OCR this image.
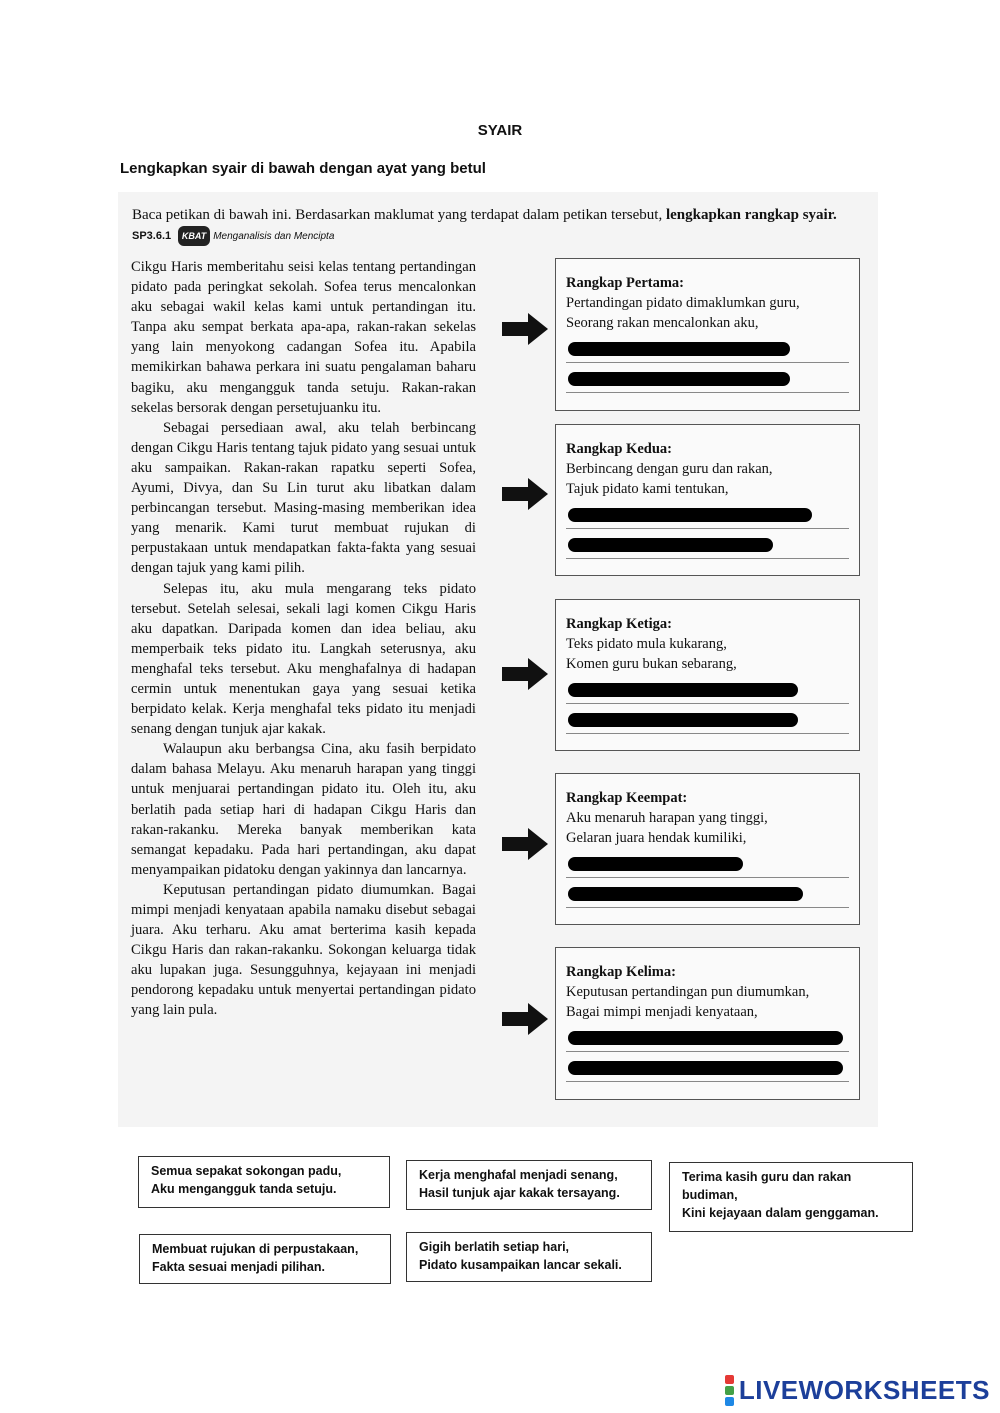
SYAIR
Lengkapkan syair di bawah dengan ayat yang betul
Baca petikan di bawah ini. Berdasarkan maklumat yang terdapat dalam petikan tersebut, lengkapkan rangkap syair. SP3.6.1 KBAT Menganalisis dan Mencipta

Cikgu Haris memberitahu seisi kelas tentang pertandingan pidato pada peringkat sekolah. Sofea terus mencalonkan aku sebagai wakil kelas kami untuk pertandingan itu. Tanpa aku sempat berkata apa-apa, rakan-rakan sekelas yang lain menyokong cadangan Sofea itu. Apabila memikirkan bahawa perkara ini suatu pengalaman baharu bagiku, aku mengangguk tanda setuju. Rakan-rakan sekelas bersorak dengan persetujuanku itu.

Sebagai persediaan awal, aku telah berbincang dengan Cikgu Haris tentang tajuk pidato yang sesuai untuk aku sampaikan. Rakan-rakan rapatku seperti Sofea, Ayumi, Divya, dan Su Lin turut aku libatkan dalam perbincangan tersebut. Masing-masing memberikan idea yang menarik. Kami turut membuat rujukan di perpustakaan untuk mendapatkan fakta-fakta yang sesuai dengan tajuk yang kami pilih.

Selepas itu, aku mula mengarang teks pidato tersebut. Setelah selesai, sekali lagi komen Cikgu Haris aku dapatkan. Daripada komen dan idea beliau, aku memperbaik teks pidato itu. Langkah seterusnya, aku menghafal teks tersebut. Aku menghafalnya di hadapan cermin untuk menentukan gaya yang sesuai ketika berpidato kelak. Kerja menghafal teks pidato itu menjadi senang dengan tunjuk ajar kakak.

Walaupun aku berbangsa Cina, aku fasih berpidato dalam bahasa Melayu. Aku menaruh harapan yang tinggi untuk menjuarai pertandingan pidato itu. Oleh itu, aku berlatih pada setiap hari di hadapan Cikgu Haris dan rakan-rakanku. Mereka banyak memberikan kata semangat kepadaku. Pada hari pertandingan, aku dapat menyampaikan pidatoku dengan yakinnya dan lancarnya.

Keputusan pertandingan pidato diumumkan. Bagai mimpi menjadi kenyataan apabila namaku disebut sebagai juara. Aku terharu. Aku amat berterima kasih kepada Cikgu Haris dan rakan-rakanku. Sokongan keluarga tidak aku lupakan juga. Sesungguhnya, kejayaan ini menjadi pendorong kepadaku untuk menyertai pertandingan pidato yang lain pula.

Rangkap Pertama:
Pertandingan pidato dimaklumkan guru,
Seorang rakan mencalonkan aku,
Rangkap Kedua:
Berbincang dengan guru dan rakan,
Tajuk pidato kami tentukan,
Rangkap Ketiga:
Teks pidato mula kukarang,
Komen guru bukan sebarang,
Rangkap Keempat:
Aku menaruh harapan yang tinggi,
Gelaran juara hendak kumiliki,
Rangkap Kelima:
Keputusan pertandingan pun diumumkan,
Bagai mimpi menjadi kenyataan,
Semua sepakat sokongan padu,
Aku mengangguk tanda setuju.
Kerja menghafal menjadi senang,
Hasil tunjuk ajar kakak tersayang.
Terima kasih guru dan rakan budiman,
Kini kejayaan dalam genggaman.
Membuat rujukan di perpustakaan,
Fakta sesuai menjadi pilihan.
Gigih berlatih setiap hari,
Pidato kusampaikan lancar sekali.
LIVEWORKSHEETS
